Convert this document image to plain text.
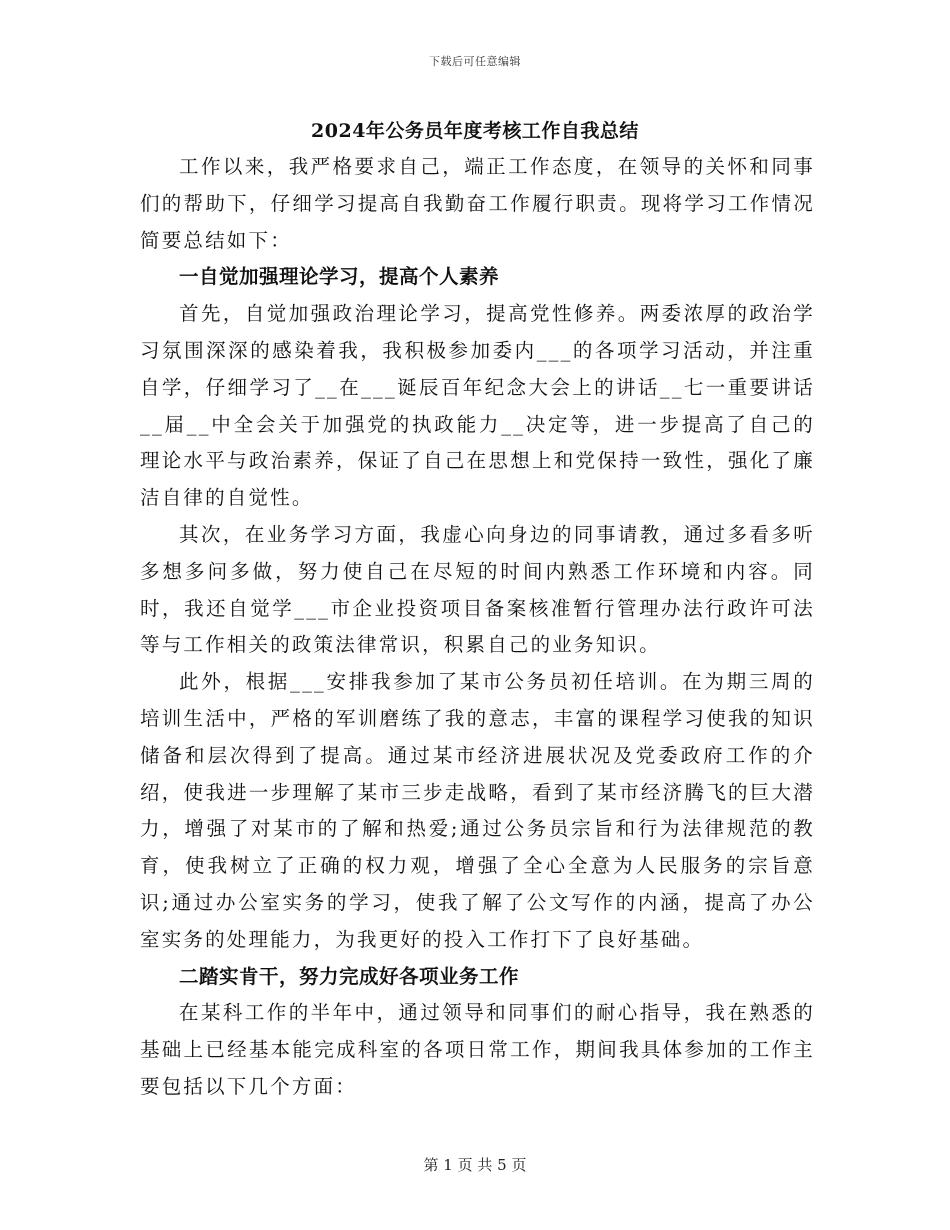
下载后可任意编辑
2024年公务员年度考核工作自我总结

工作以来，我严格要求自己，端正工作态度，在领导的关怀和同事们的帮助下，仔细学习提高自我勤奋工作履行职责。现将学习工作情况简要总结如下：

一自觉加强理论学习，提高个人素养

首先，自觉加强政治理论学习，提高党性修养。两委浓厚的政治学习氛围深深的感染着我，我积极参加委内___的各项学习活动，并注重自学，仔细学习了__在___诞辰百年纪念大会上的讲话__七一重要讲话__届__中全会关于加强党的执政能力__决定等，进一步提高了自己的理论水平与政治素养，保证了自己在思想上和党保持一致性，强化了廉洁自律的自觉性。

其次，在业务学习方面，我虚心向身边的同事请教，通过多看多听多想多问多做，努力使自己在尽短的时间内熟悉工作环境和内容。同时，我还自觉学___市企业投资项目备案核准暂行管理办法行政许可法等与工作相关的政策法律常识，积累自己的业务知识。

此外，根据___安排我参加了某市公务员初任培训。在为期三周的培训生活中，严格的军训磨练了我的意志，丰富的课程学习使我的知识储备和层次得到了提高。通过某市经济进展状况及党委政府工作的介绍，使我进一步理解了某市三步走战略，看到了某市经济腾飞的巨大潜力，增强了对某市的了解和热爱;通过公务员宗旨和行为法律规范的教育，使我树立了正确的权力观，增强了全心全意为人民服务的宗旨意识;通过办公室实务的学习，使我了解了公文写作的内涵，提高了办公室实务的处理能力，为我更好的投入工作打下了良好基础。

二踏实肯干，努力完成好各项业务工作

在某科工作的半年中，通过领导和同事们的耐心指导，我在熟悉的基础上已经基本能完成科室的各项日常工作，期间我具体参加的工作主要包括以下几个方面：

第 1 页 共 5 页
